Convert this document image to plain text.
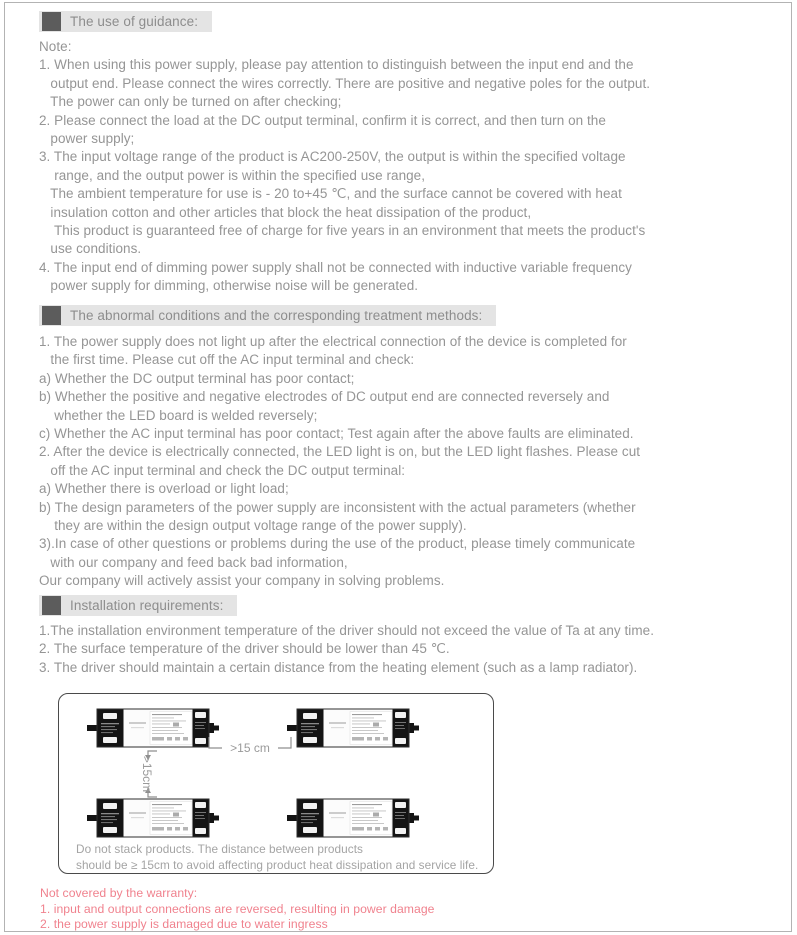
The use of guidance:
Note:
1. When using this power supply, please pay attention to distinguish between the input end and the
output end. Please connect the wires correctly. There are positive and negative poles for the output.
The power can only be turned on after checking;
2. Please connect the load at the DC output terminal, confirm it is correct, and then turn on the
power supply;
3. The input voltage range of the product is AC200-250V, the output is within the specified voltage
range, and the output power is within the specified use range,
The ambient temperature for use is - 20 to+45 ℃, and the surface cannot be covered with heat
insulation cotton and other articles that block the heat dissipation of the product,
This product is guaranteed free of charge for five years in an environment that meets the product's
use conditions.
4. The input end of dimming power supply shall not be connected with inductive variable frequency
power supply for dimming, otherwise noise will be generated.
The abnormal conditions and the corresponding treatment methods:
1. The power supply does not light up after the electrical connection of the device is completed for
the first time. Please cut off the AC input terminal and check:
a) Whether the DC output terminal has poor contact;
b) Whether the positive and negative electrodes of DC output end are connected reversely and
whether the LED board is welded reversely;
c) Whether the AC input terminal has poor contact; Test again after the above faults are eliminated.
2. After the device is electrically connected, the LED light is on, but the LED light flashes. Please cut
off the AC input terminal and check the DC output terminal:
a) Whether there is overload or light load;
b) The design parameters of the power supply are inconsistent with the actual parameters (whether
they are within the design output voltage range of the power supply).
3).In case of other questions or problems during the use of the product, please timely communicate
with our company and feed back bad information,
Our company will actively assist your company in solving problems.
Installation requirements:
1.The installation environment temperature of the driver should not exceed the value of Ta at any time.
2. The surface temperature of the driver should be lower than 45 ℃.
3. The driver should maintain a certain distance from the heating element (such as a lamp radiator).
>15 cm
>15cm
Do not stack products. The distance between products
should be ≥ 15cm to avoid affecting product heat dissipation and service life.
Not covered by the warranty:
1. input and output connections are reversed, resulting in power damage
2. the power supply is damaged due to water ingress
